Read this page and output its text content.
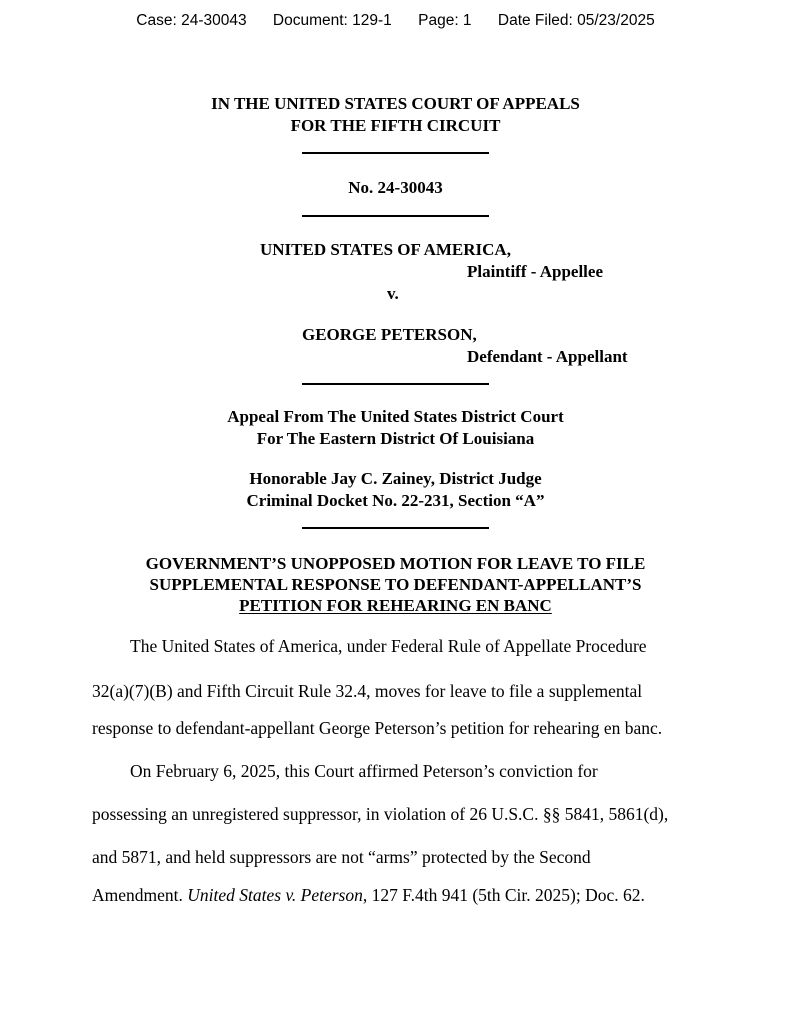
Case: 24-30043 Document: 129-1 Page: 1 Date Filed: 05/23/2025
IN THE UNITED STATES COURT OF APPEALS
FOR THE FIFTH CIRCUIT
No. 24-30043
UNITED STATES OF AMERICA,
Plaintiff - Appellee
v.
GEORGE PETERSON,
Defendant - Appellant
Appeal From The United States District Court
For The Eastern District Of Louisiana
Honorable Jay C. Zainey, District Judge
Criminal Docket No. 22-231, Section “A”
GOVERNMENT’S UNOPPOSED MOTION FOR LEAVE TO FILE
SUPPLEMENTAL RESPONSE TO DEFENDANT-APPELLANT’S
PETITION FOR REHEARING EN BANC
The United States of America, under Federal Rule of Appellate Procedure
32(a)(7)(B) and Fifth Circuit Rule 32.4, moves for leave to file a supplemental
response to defendant-appellant George Peterson’s petition for rehearing en banc.
On February 6, 2025, this Court affirmed Peterson’s conviction for
possessing an unregistered suppressor, in violation of 26 U.S.C. §§ 5841, 5861(d),
and 5871, and held suppressors are not “arms” protected by the Second
Amendment. United States v. Peterson, 127 F.4th 941 (5th Cir. 2025); Doc. 62.
